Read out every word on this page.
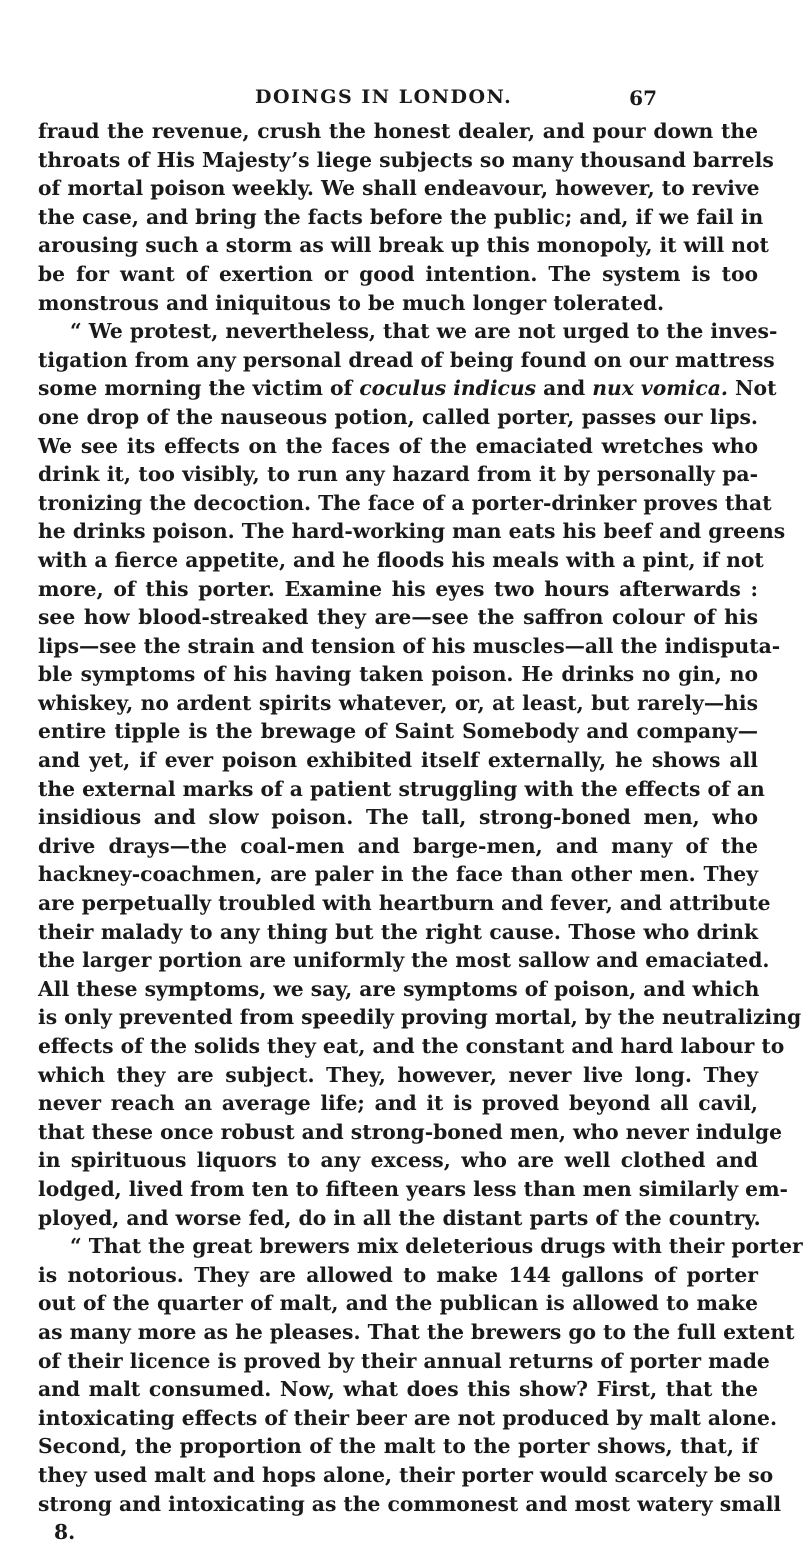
DOINGS IN LONDON.	67
fraud the revenue, crush the honest dealer, and pour down the
throats of His Majesty’s liege subjects so many thousand barrels
of mortal poison weekly. We shall endeavour, however, to revive
the case, and bring the facts before the public; and, if we fail in
arousing such a storm as will break up this monopoly, it will not
be for want of exertion or good intention. The system is too
monstrous and iniquitous to be much longer tolerated.
“ We protest, nevertheless, that we are not urged to the inves-
tigation from any personal dread of being found on our mattress
some morning the victim of coculus indicus and nux vomica. Not
one drop of the nauseous potion, called porter, passes our lips.
We see its effects on the faces of the emaciated wretches who
drink it, too visibly, to run any hazard from it by personally pa-
tronizing the decoction. The face of a porter-drinker proves that
he drinks poison. The hard-working man eats his beef and greens
with a fierce appetite, and he floods his meals with a pint, if not
more, of this porter. Examine his eyes two hours afterwards :
see how blood-streaked they are—see the saffron colour of his
lips—see the strain and tension of his muscles—all the indisputa-
ble symptoms of his having taken poison. He drinks no gin, no
whiskey, no ardent spirits whatever, or, at least, but rarely—his
entire tipple is the brewage of Saint Somebody and company—
and yet, if ever poison exhibited itself externally, he shows all
the external marks of a patient struggling with the effects of an
insidious and slow poison. The tall, strong-boned men, who
drive drays—the coal-men and barge-men, and many of the
hackney-coachmen, are paler in the face than other men. They
are perpetually troubled with heartburn and fever, and attribute
their malady to any thing but the right cause. Those who drink
the larger portion are uniformly the most sallow and emaciated.
All these symptoms, we say, are symptoms of poison, and which
is only prevented from speedily proving mortal, by the neutralizing
effects of the solids they eat, and the constant and hard labour to
which they are subject. They, however, never live long. They
never reach an average life; and it is proved beyond all cavil,
that these once robust and strong-boned men, who never indulge
in spirituous liquors to any excess, who are well clothed and
lodged, lived from ten to fifteen years less than men similarly em-
ployed, and worse fed, do in all the distant parts of the country.
“ That the great brewers mix deleterious drugs with their porter
is notorious. They are allowed to make 144 gallons of porter
out of the quarter of malt, and the publican is allowed to make
as many more as he pleases. That the brewers go to the full extent
of their licence is proved by their annual returns of porter made
and malt consumed. Now, what does this show? First, that the
intoxicating effects of their beer are not produced by malt alone.
Second, the proportion of the malt to the porter shows, that, if
they used malt and hops alone, their porter would scarcely be so
strong and intoxicating as the commonest and most watery small
8.
